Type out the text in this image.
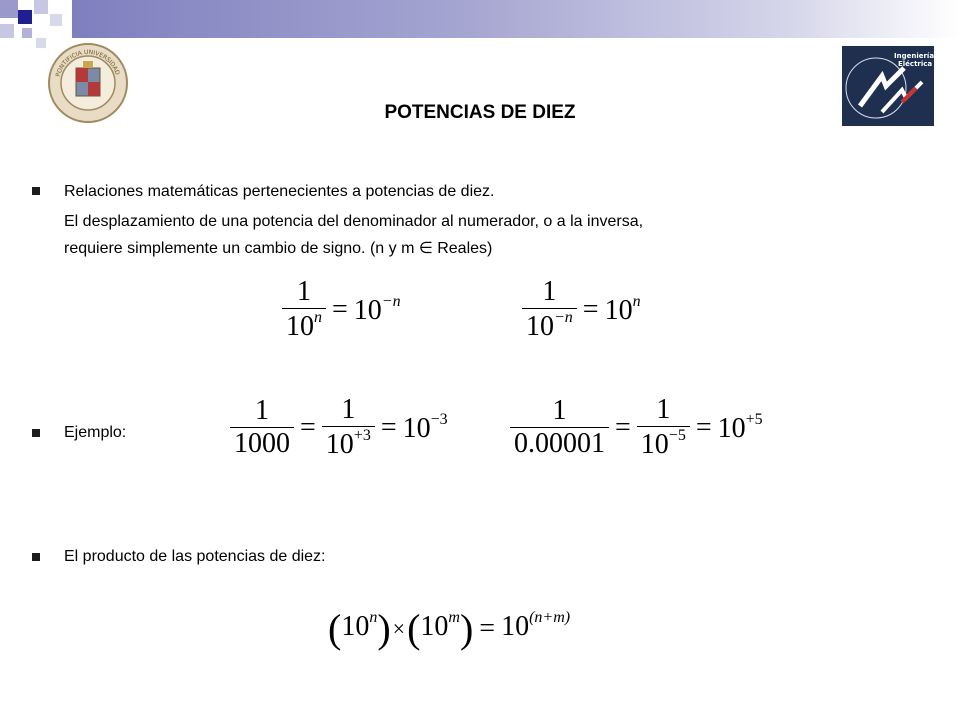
PONTIFICIA UNIVERSIDAD
Ingeniería
Eléctrica
POTENCIAS DE DIEZ
Relaciones matemáticas pertenecientes a potencias de diez.
El desplazamiento de una potencia del denominador al numerador, o a la inversa,
requiere simplemente un cambio de signo. (n y m ∈ Reales)
$\frac{1}{10^n} = 10^{-n}$	$\frac{1}{10^{-n}} = 10^n$
Ejemplo:	$\frac{1}{1000} = \frac{1}{10^{+3}} = 10^{-3} \frac{1}{0.00001} = \frac{1}{10^{-5}} = 10^{+5}$
El producto de las potencias de diez:
$(10^n)\times(10^m) = 10^{(n+m)}$
